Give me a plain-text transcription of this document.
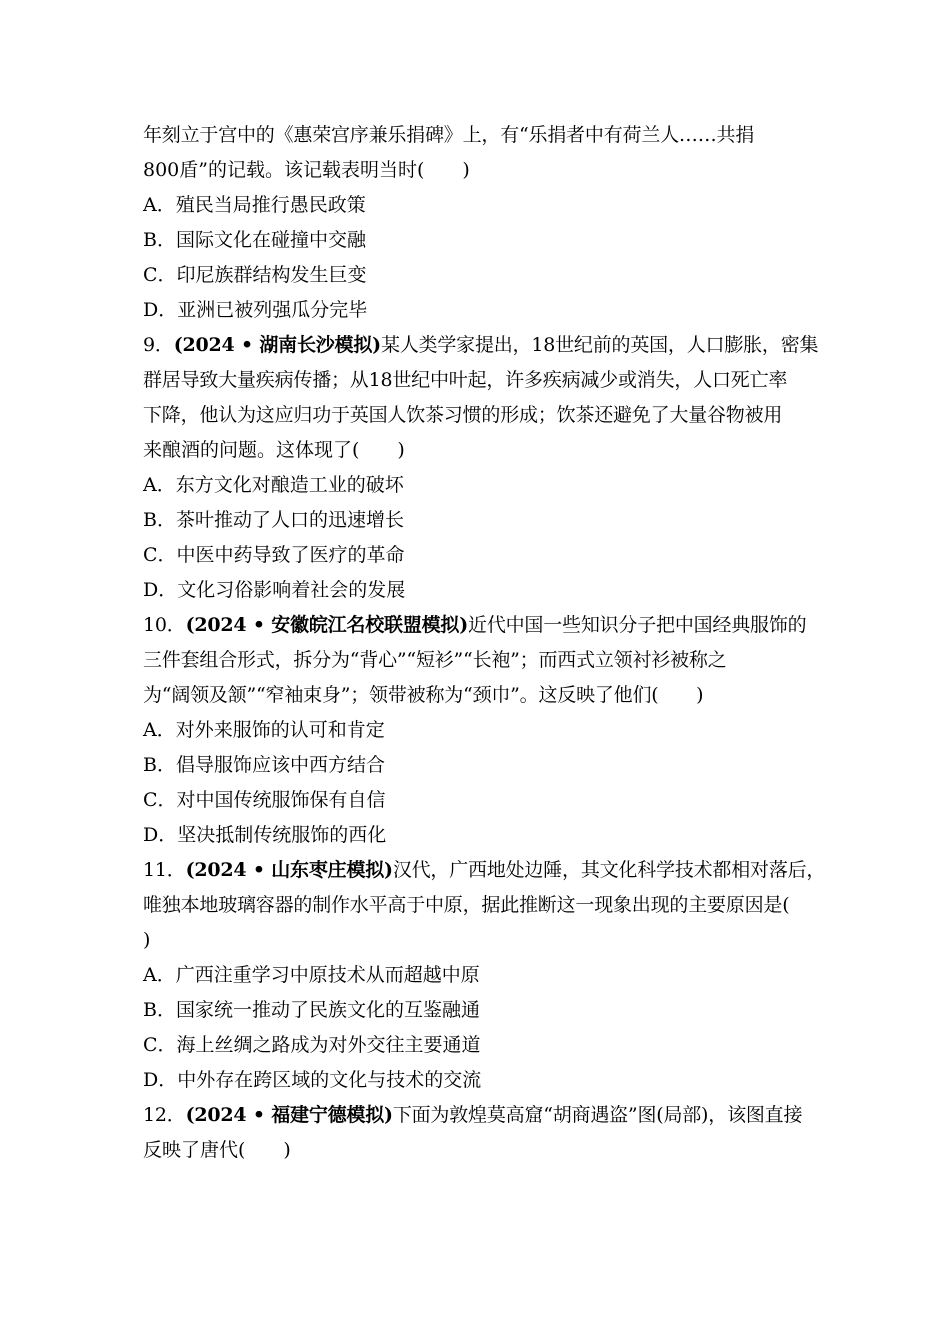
年刻立于宫中的《惠荣宫序兼乐捐碑》上，有“乐捐者中有荷兰人……共捐
800盾”的记载。该记载表明当时(　　)
A．殖民当局推行愚民政策
B．国际文化在碰撞中交融
C．印尼族群结构发生巨变
D．亚洲已被列强瓜分完毕
9．(2024 • 湖南长沙模拟)某人类学家提出，18世纪前的英国，人口膨胀，密集
群居导致大量疾病传播；从18世纪中叶起，许多疾病减少或消失，人口死亡率
下降，他认为这应归功于英国人饮茶习惯的形成；饮茶还避免了大量谷物被用
来酿酒的问题。这体现了(　　)
A．东方文化对酿造工业的破坏
B．茶叶推动了人口的迅速增长
C．中医中药导致了医疗的革命
D．文化习俗影响着社会的发展
10．(2024 • 安徽皖江名校联盟模拟)近代中国一些知识分子把中国经典服饰的
三件套组合形式，拆分为“背心”“短衫”“长袍”；而西式立领衬衫被称之
为“阔领及颔”“窄袖束身”；领带被称为“颈巾”。这反映了他们(　　)
A．对外来服饰的认可和肯定
B．倡导服饰应该中西方结合
C．对中国传统服饰保有自信
D．坚决抵制传统服饰的西化
11．(2024 • 山东枣庄模拟)汉代，广西地处边陲，其文化科学技术都相对落后，
唯独本地玻璃容器的制作水平高于中原，据此推断这一现象出现的主要原因是(
)
A．广西注重学习中原技术从而超越中原
B．国家统一推动了民族文化的互鉴融通
C．海上丝绸之路成为对外交往主要通道
D．中外存在跨区域的文化与技术的交流
12．(2024 • 福建宁德模拟)下面为敦煌莫高窟“胡商遇盗”图(局部)，该图直接
反映了唐代(　　)
